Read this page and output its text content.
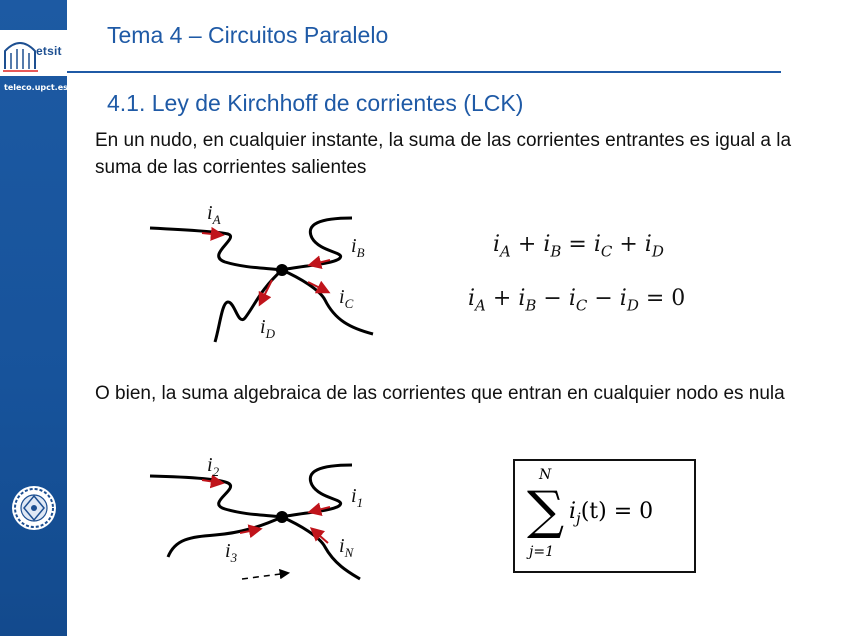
etsit
teleco.upct.es
Tema 4 – Circuitos Paralelo
4.1. Ley de Kirchhoff de corrientes (LCK)
En un nudo, en cualquier instante, la suma de las corrientes entrantes es igual a la suma de las corrientes salientes
O bien, la suma algebraica de las corrientes que entran en cualquier nodo es nula
$i_A$
$i_B$
$i_C$
$i_D$
$i_A + i_B = i_C + i_D$
$i_A + i_B - i_C - i_D = 0$
$i_2$
$i_1$
$i_3$
$i_N$
N
∑
j=1
$i_j(t) = 0$
